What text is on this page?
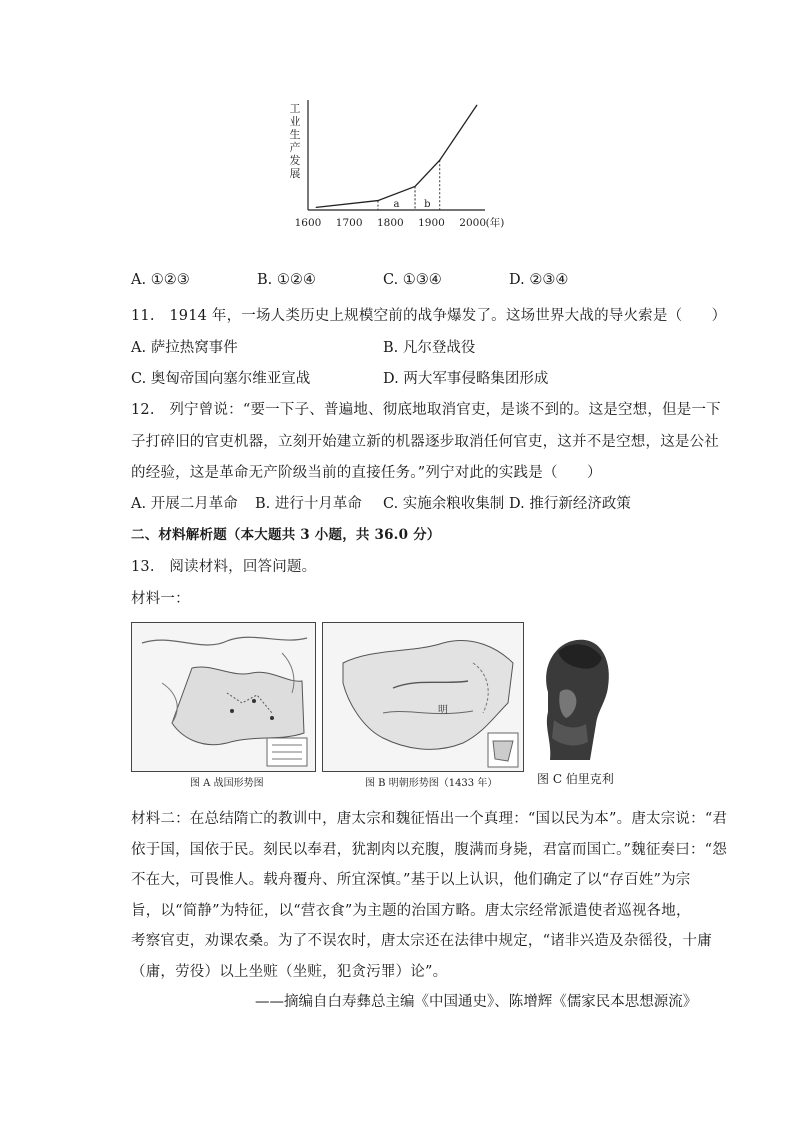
工
业
生
产
发
展
a b
1600 1700 1800 1900 2000 (年)
A. ①②③	B. ①②④	C. ①③④	D. ②③④
11.　1914 年，一场人类历史上规模空前的战争爆发了。这场世界大战的导火索是（　　）
A. 萨拉热窝事件	B. 凡尔登战役
C. 奥匈帝国向塞尔维亚宣战	D. 两大军事侵略集团形成
12.　列宁曾说：“要一下子、普遍地、彻底地取消官吏，是谈不到的。这是空想，但是一下
子打碎旧的官吏机器，立刻开始建立新的机器逐步取消任何官吏，这并不是空想，这是公社
的经验，这是革命无产阶级当前的直接任务。”列宁对此的实践是（　　）
A. 开展二月革命 B. 进行十月革命 C. 实施余粮收集制 D. 推行新经济政策
二、材料解析题（本大题共 3 小题，共 36.0 分）
13.　阅读材料，回答问题。
材料一：
明
图 A 战国形势图	图 B 明朝形势图（1433 年）	图 C 伯里克利
材料二：在总结隋亡的教训中，唐太宗和魏征悟出一个真理：“国以民为本”。唐太宗说：“君
依于国，国依于民。刻民以奉君，犹割肉以充腹，腹满而身毙，君富而国亡。”魏征奏曰：“怨
不在大，可畏惟人。载舟覆舟、所宜深慎。”基于以上认识，他们确定了以“存百姓”为宗
旨，以“简静”为特征，以“营衣食”为主题的治国方略。唐太宗经常派遣使者巡视各地，
考察官吏，劝课农桑。为了不误农时，唐太宗还在法律中规定，“诸非兴造及杂徭役，十庸
（庸，劳役）以上坐赃（坐赃，犯贪污罪）论”。
——摘编自白寿彝总主编《中国通史》、陈增辉《儒家民本思想源流》
